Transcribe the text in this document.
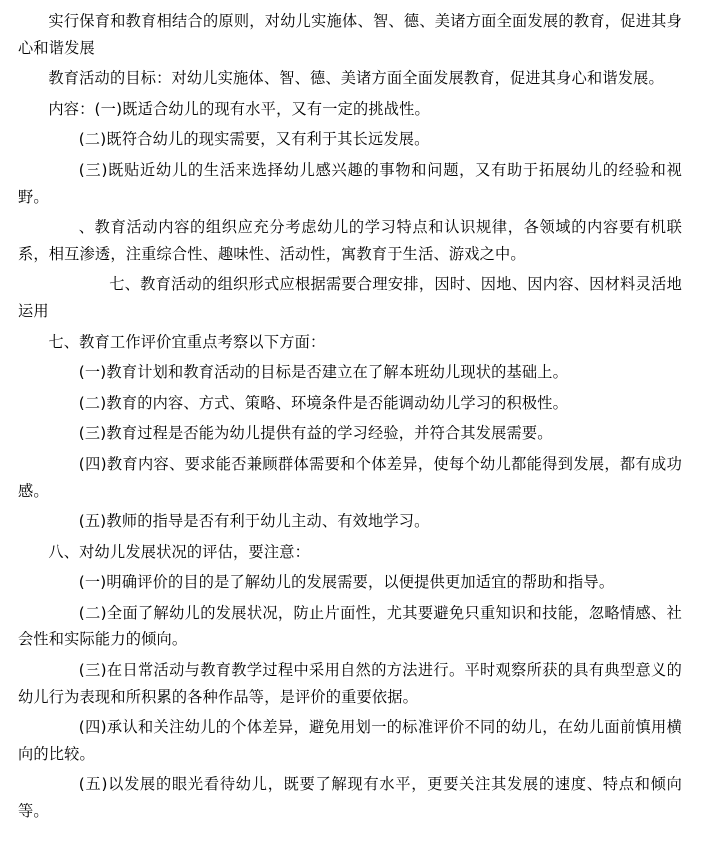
实行保育和教育相结合的原则，对幼儿实施体、智、德、美诸方面全面发展的教育，促进其身心和谐发展

教育活动的目标：对幼儿实施体、智、德、美诸方面全面发展教育，促进其身心和谐发展。

内容：(一)既适合幼儿的现有水平，又有一定的挑战性。

(二)既符合幼儿的现实需要，又有利于其长远发展。

(三)既贴近幼儿的生活来选择幼儿感兴趣的事物和问题，又有助于拓展幼儿的经验和视野。

、教育活动内容的组织应充分考虑幼儿的学习特点和认识规律，各领域的内容要有机联系，相互渗透，注重综合性、趣味性、活动性，寓教育于生活、游戏之中。

七、教育活动的组织形式应根据需要合理安排，因时、因地、因内容、因材料灵活地运用

七、教育工作评价宜重点考察以下方面：

(一)教育计划和教育活动的目标是否建立在了解本班幼儿现状的基础上。

(二)教育的内容、方式、策略、环境条件是否能调动幼儿学习的积极性。

(三)教育过程是否能为幼儿提供有益的学习经验，并符合其发展需要。

(四)教育内容、要求能否兼顾群体需要和个体差异，使每个幼儿都能得到发展，都有成功感。

(五)教师的指导是否有利于幼儿主动、有效地学习。

八、对幼儿发展状况的评估，要注意：

(一)明确评价的目的是了解幼儿的发展需要，以便提供更加适宜的帮助和指导。

(二)全面了解幼儿的发展状况，防止片面性，尤其要避免只重知识和技能，忽略情感、社会性和实际能力的倾向。

(三)在日常活动与教育教学过程中采用自然的方法进行。平时观察所获的具有典型意义的幼儿行为表现和所积累的各种作品等，是评价的重要依据。

(四)承认和关注幼儿的个体差异，避免用划一的标准评价不同的幼儿，在幼儿面前慎用横向的比较。

(五)以发展的眼光看待幼儿，既要了解现有水平，更要关注其发展的速度、特点和倾向等。
